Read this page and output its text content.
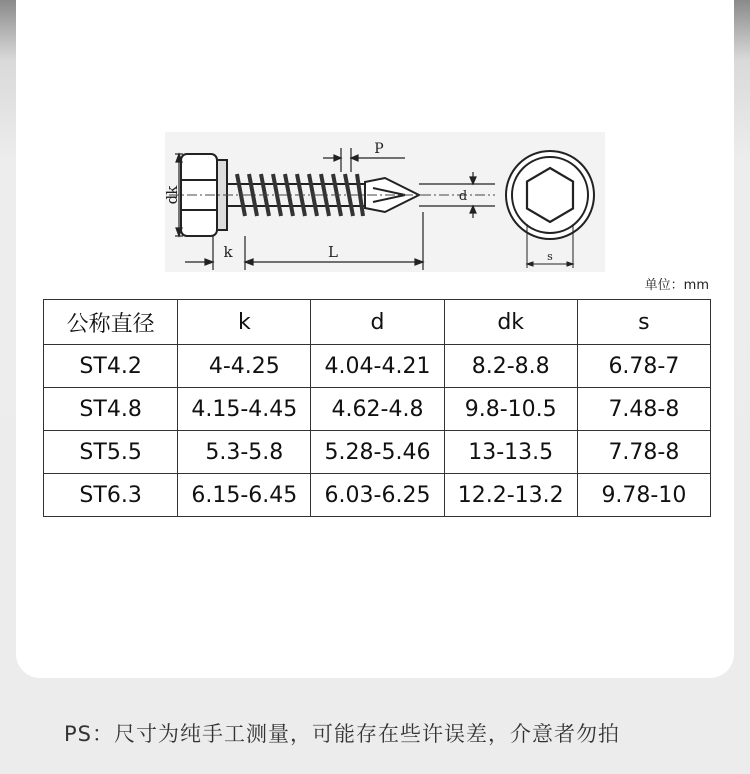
dk
k	L
P
d
s
单位：mm
公称直径	k	d	dk	s
ST4.2	4-4.25	4.04-4.21	8.2-8.8	6.78-7
ST4.8	4.15-4.45	4.62-4.8	9.8-10.5	7.48-8
ST5.5	5.3-5.8	5.28-5.46	13-13.5	7.78-8
ST6.3	6.15-6.45	6.03-6.25	12.2-13.2	9.78-10
PS：尺寸为纯手工测量，可能存在些许误差，介意者勿拍
